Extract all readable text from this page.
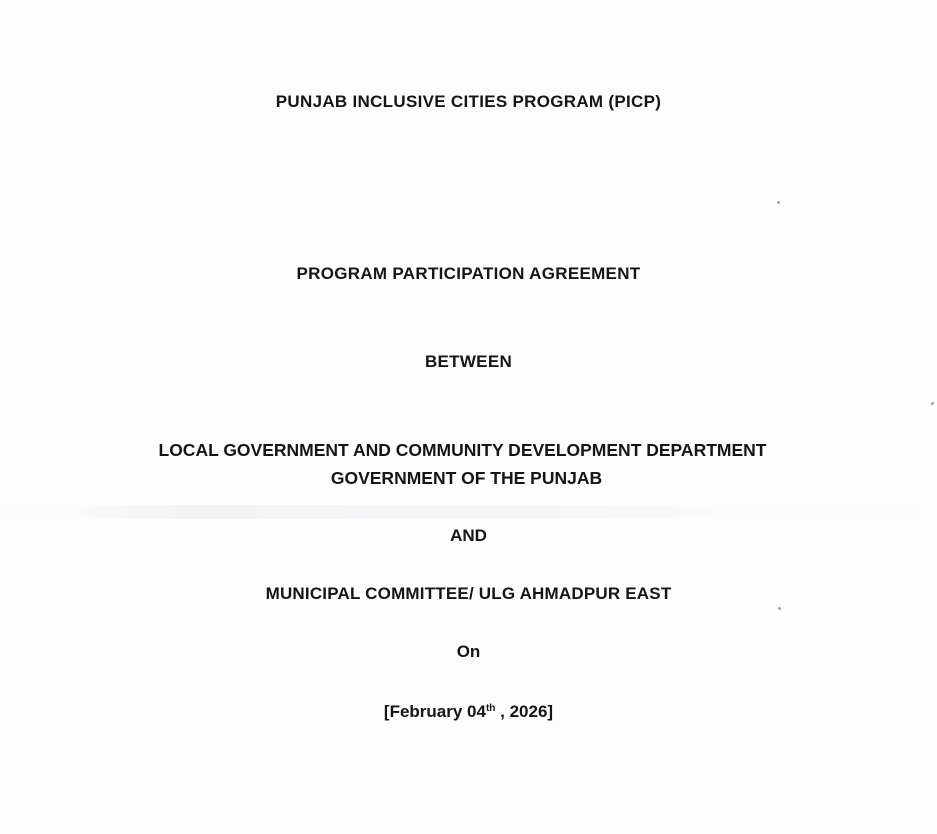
PUNJAB INCLUSIVE CITIES PROGRAM (PICP)
PROGRAM PARTICIPATION AGREEMENT
BETWEEN
LOCAL GOVERNMENT AND COMMUNITY DEVELOPMENT DEPARTMENT
GOVERNMENT OF THE PUNJAB
AND
MUNICIPAL COMMITTEE/ ULG AHMADPUR EAST
On
[February 04th , 2026]
